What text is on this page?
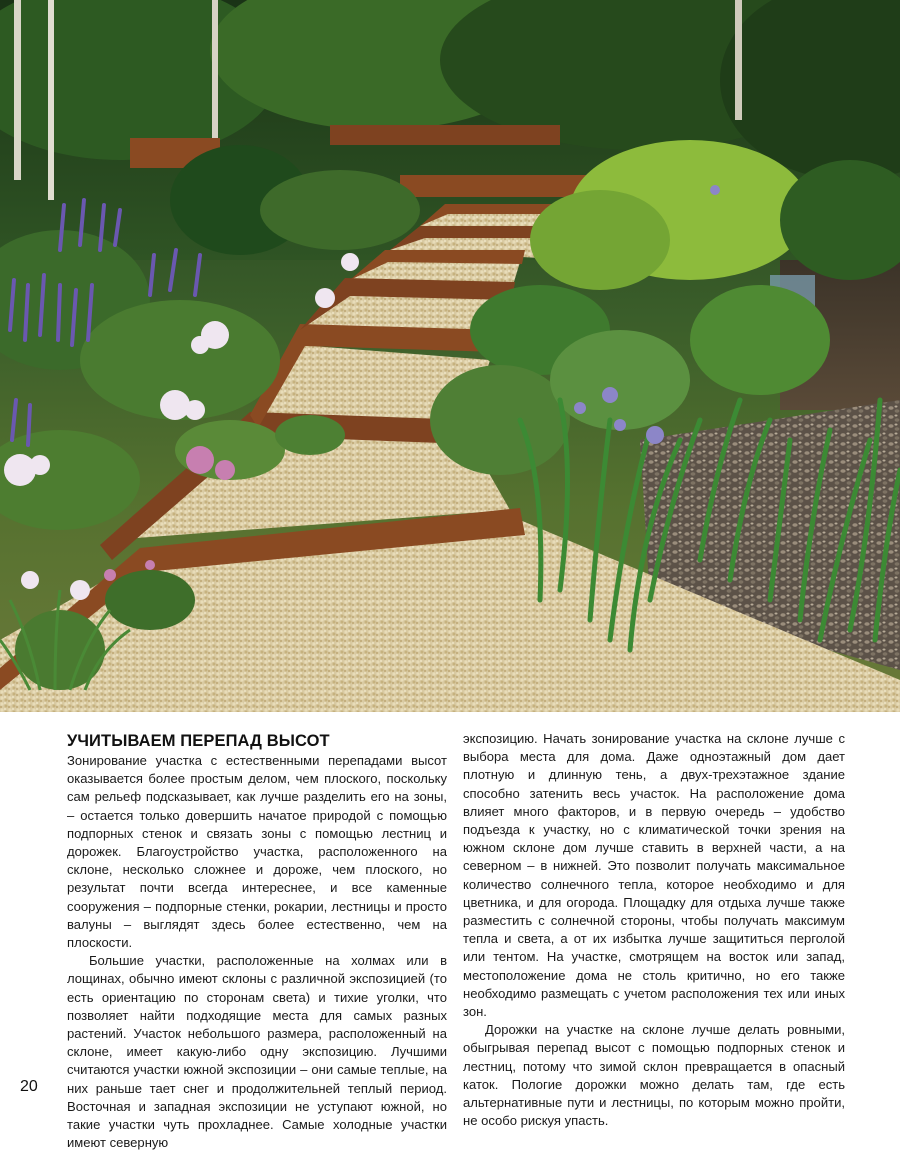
УЧИТЫВАЕМ ПЕРЕПАД ВЫСОТ

Зонирование участка с естественными перепадами высот оказывается более простым делом, чем плоского, поскольку сам рельеф подсказывает, как лучше разделить его на зоны, – остается только довершить начатое природой с помощью подпорных стенок и связать зоны с помощью лестниц и дорожек. Благоустройство участка, расположенного на склоне, несколько сложнее и дороже, чем плоского, но результат почти всегда интереснее, и все каменные сооружения – подпорные стенки, рокарии, лестницы и просто валуны – выглядят здесь более естественно, чем на плоскости.

Большие участки, расположенные на холмах или в лощинах, обычно имеют склоны с различной экспозицией (то есть ориентацию по сторонам света) и тихие уголки, что позволяет найти подходящие места для самых разных растений. Участок небольшого размера, расположенный на склоне, имеет какую-либо одну экспозицию. Лучшими считаются участки южной экспозиции – они самые теплые, на них раньше тает снег и продолжительней теплый период. Восточная и западная экспозиции не уступают южной, но такие участки чуть прохладнее. Самые холодные участки имеют северную

экспозицию. Начать зонирование участка на склоне лучше с выбора места для дома. Даже одноэтажный дом дает плотную и длинную тень, а двух-трехэтажное здание способно затенить весь участок. На расположение дома влияет много факторов, и в первую очередь – удобство подъезда к участку, но с климатической точки зрения на южном склоне дом лучше ставить в верхней части, а на северном – в нижней. Это позволит получать максимальное количество солнечного тепла, которое необходимо и для цветника, и для огорода. Площадку для отдыха лучше также разместить с солнечной стороны, чтобы получать максимум тепла и света, а от их избытка лучше защититься перголой или тентом. На участке, смотрящем на восток или запад, местоположение дома не столь критично, но его также необходимо размещать с учетом расположения тех или иных зон.

Дорожки на участке на склоне лучше делать ровными, обыгрывая перепад высот с помощью подпорных стенок и лестниц, потому что зимой склон превращается в опасный каток. Пологие дорожки можно делать там, где есть альтернативные пути и лестницы, по которым можно пройти, не особо рискуя упасть.

20
